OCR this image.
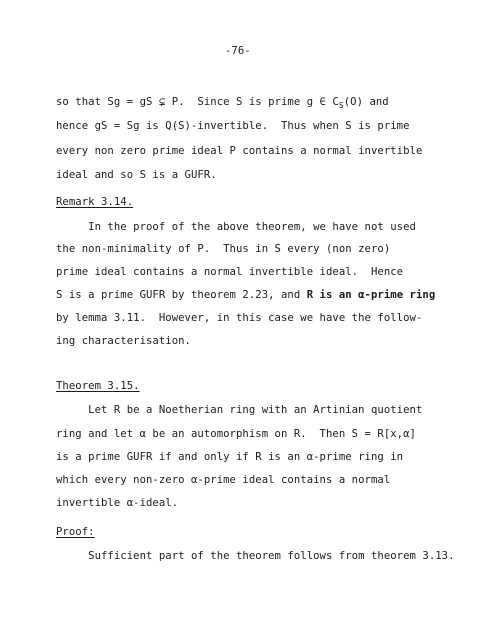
-76-
so that Sg = gS ⊊ P.  Since S is prime g ∈ $C_S(O)$ and
hence gS = Sg is Q(S)-invertible.  Thus when S is prime
every non zero prime ideal P contains a normal invertible
ideal and so S is a GUFR.
Remark 3.14.
In the proof of the above theorem, we have not used
the non-minimality of P.  Thus in S every (non zero)
prime ideal contains a normal invertible ideal.  Hence
S is a prime GUFR by theorem 2.23, and R is an α-prime ring
by lemma 3.11.  However, in this case we have the follow-
ing characterisation.
Theorem 3.15.
Let R be a Noetherian ring with an Artinian quotient
ring and let α be an automorphism on R.  Then S = R[x,α]
is a prime GUFR if and only if R is an α-prime ring in
which every non-zero α-prime ideal contains a normal
invertible α-ideal.
Proof:
Sufficient part of the theorem follows from theorem 3.13.
